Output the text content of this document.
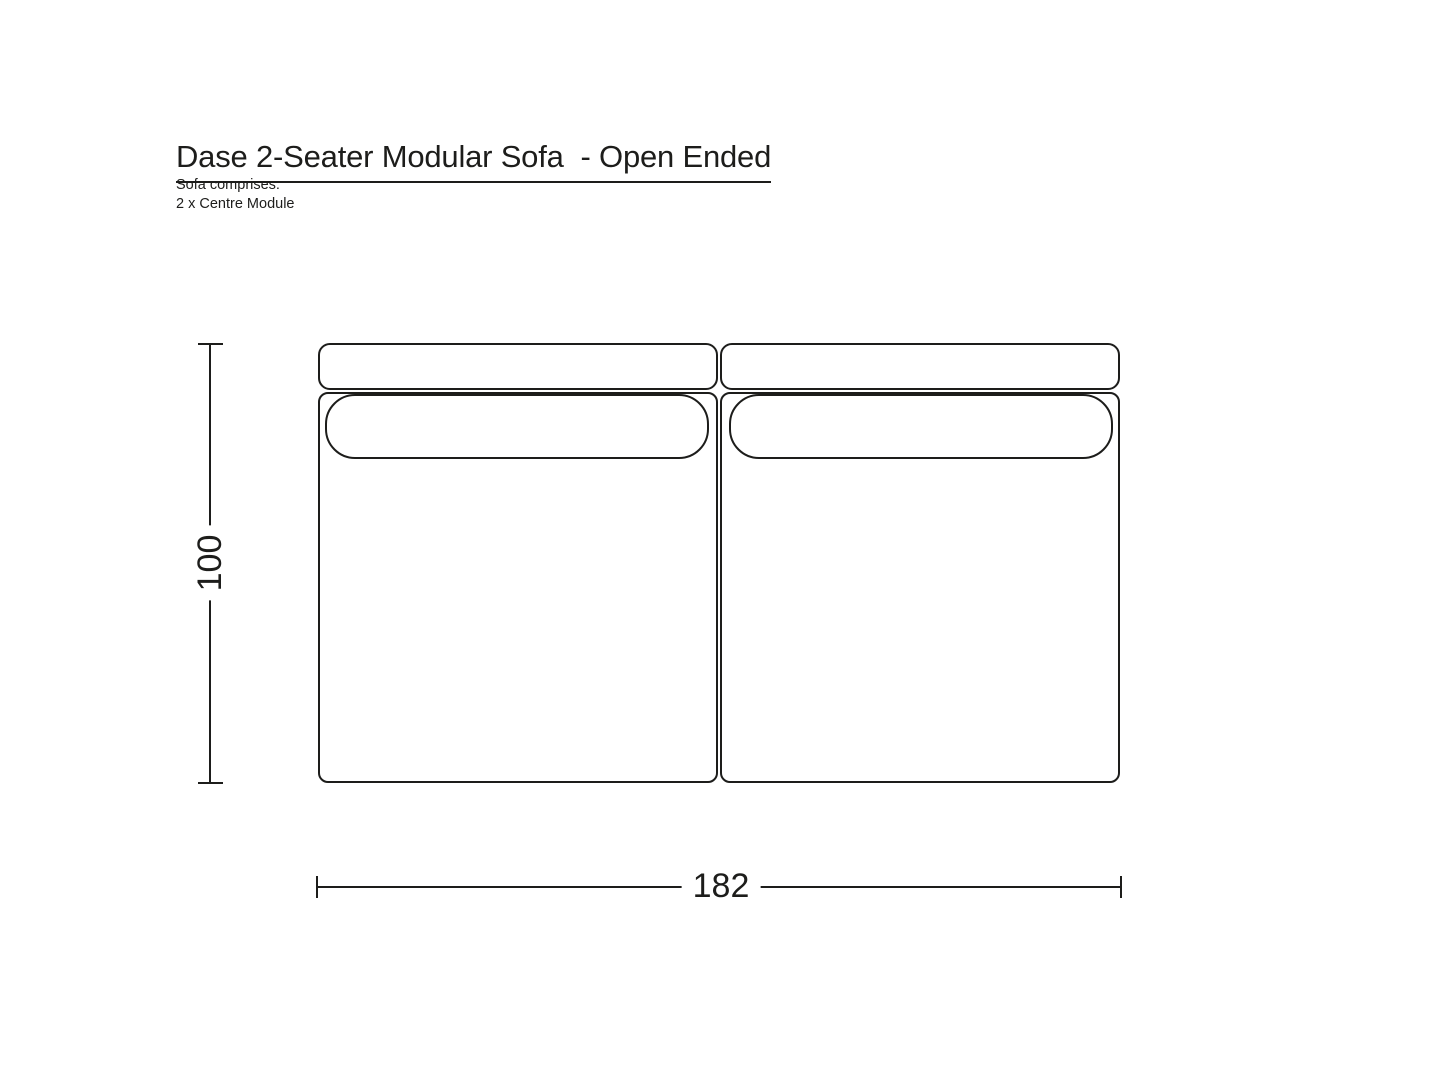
Dase 2-Seater Modular Sofa  - Open Ended
Sofa comprises:
2 x Centre Module
100
182
